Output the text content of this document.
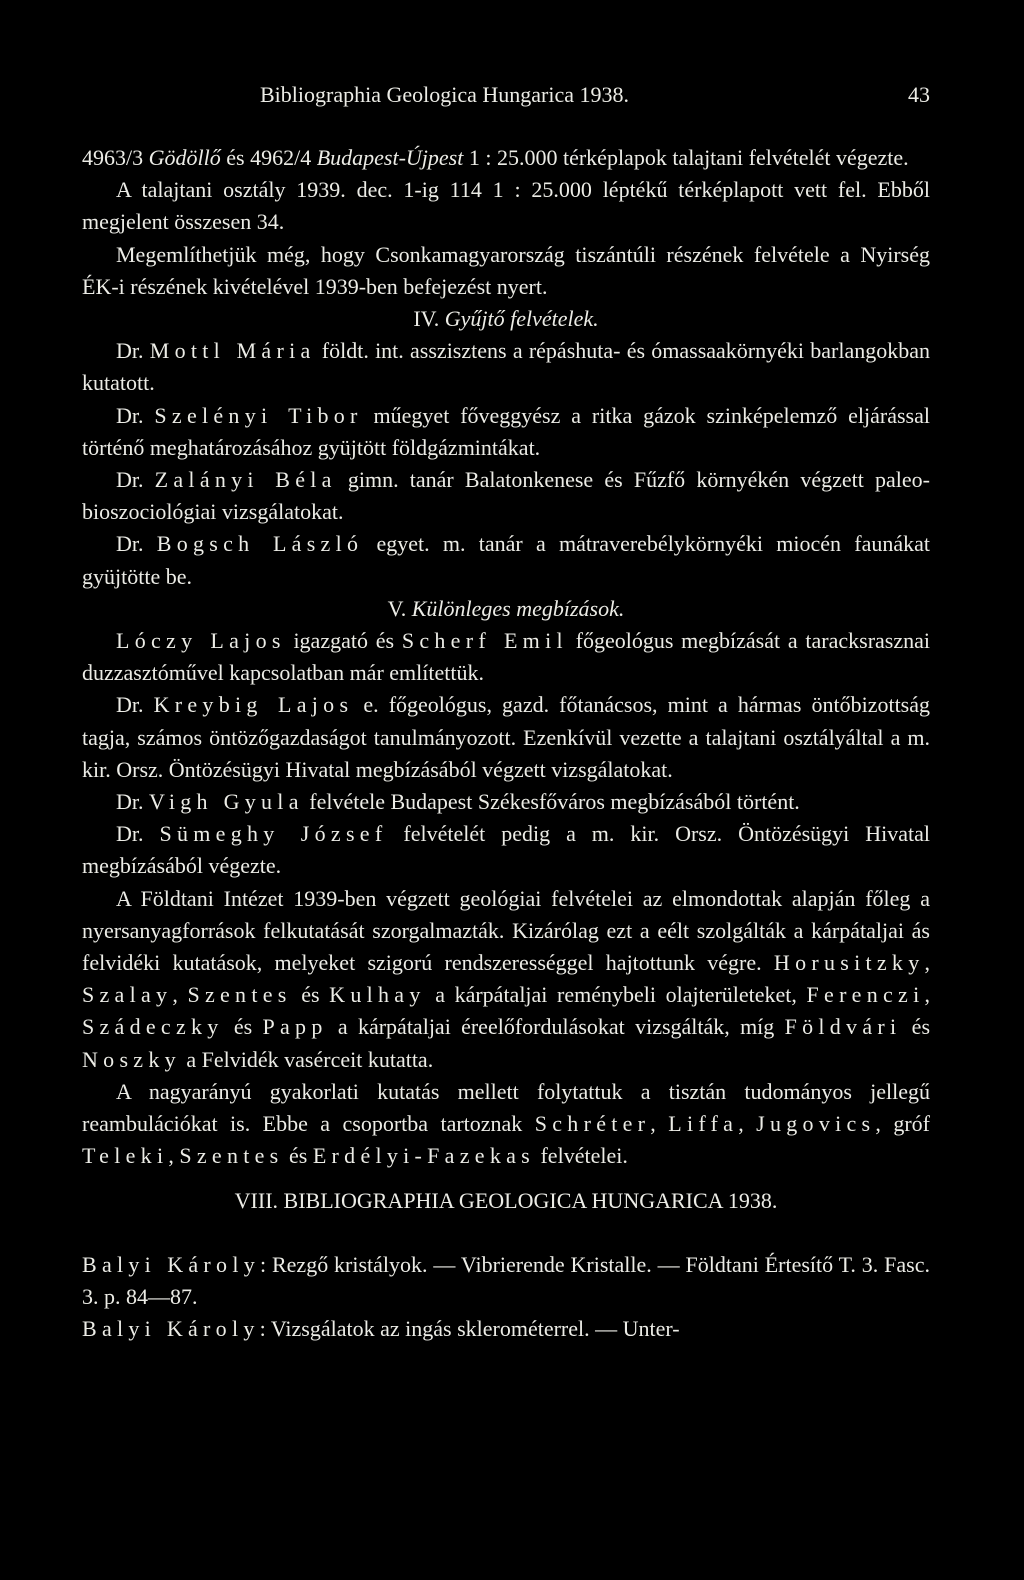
Bibliographia Geologica Hungarica 1938.	43

4963/3 Gödöllő és 4962/4 Budapest-Újpest 1 : 25.000 térképlapok talajtani felvételét végezte.

A talajtani osztály 1939. dec. 1-ig 114 1 : 25.000 léptékű térképlapott vett fel. Ebből megjelent összesen 34.

Megemlíthetjük még, hogy Csonkamagyarország tiszántúli részének felvétele a Nyirség ÉK-i részének kivételével 1939-ben befejezést nyert.

IV. Gyűjtő felvételek.

Dr. Mottl Mária földt. int. asszisztens a répáshuta- és ómassaakörnyéki barlangokban kutatott.

Dr. Szelényi Tibor műegyet főveggyész a ritka gázok szinképelemző eljárással történő meghatározásához gyüjtött földgázmintákat.

Dr. Zalányi Béla gimn. tanár Balatonkenese és Fűzfő környékén végzett paleo-bioszociológiai vizsgálatokat.

Dr. Bogsch László egyet. m. tanár a mátraverebélykörnyéki miocén faunákat gyüjtötte be.

V. Különleges megbízások.

Lóczy Lajos igazgató és Scherf Emil főgeológus megbízását a taracksrasznai duzzasztóművel kapcsolatban már említettük.

Dr. Kreybig Lajos e. főgeológus, gazd. főtanácsos, mint a hármas öntőbizottság tagja, számos öntözőgazdaságot tanulmányozott. Ezenkívül vezette a talajtani osztályáltal a m. kir. Orsz. Öntözésügyi Hivatal megbízásából végzett vizsgálatokat.

Dr. Vigh Gyula felvétele Budapest Székesfőváros megbízásából történt.

Dr. Sümeghy József felvételét pedig a m. kir. Orsz. Öntözésügyi Hivatal megbízásából végezte.

A Földtani Intézet 1939-ben végzett geológiai felvételei az elmondottak alapján főleg a nyersanyagforrások felkutatását szorgalmazták. Kizárólag ezt a eélt szolgálták a kárpátaljai ás felvidéki kutatások, melyeket szigorú rendszerességgel hajtottunk végre. Horusitzky, Szalay, Szentes és Kulhay a kárpátaljai reménybeli olajterületeket, Ferenczi, Szádeczky és Papp a kárpátaljai éreelőfordulásokat vizsgálták, míg Földvári és Noszky a Felvidék vasérceit kutatta.

A nagyarányú gyakorlati kutatás mellett folytattuk a tisztán tudományos jellegű reambulációkat is. Ebbe a csoportba tartoznak Schréter, Liffa, Jugovics, gróf Teleki, Szentes és Erdélyi-Fazekas felvételei.

VIII. BIBLIOGRAPHIA GEOLOGICA HUNGARICA 1938.

Balyi Károly: Rezgő kristályok. — Vibrierende Kristalle. — Földtani Értesítő T. 3. Fasc. 3. p. 84—87.

Balyi Károly: Vizsgálatok az ingás sklerométerrel. — Unter-
